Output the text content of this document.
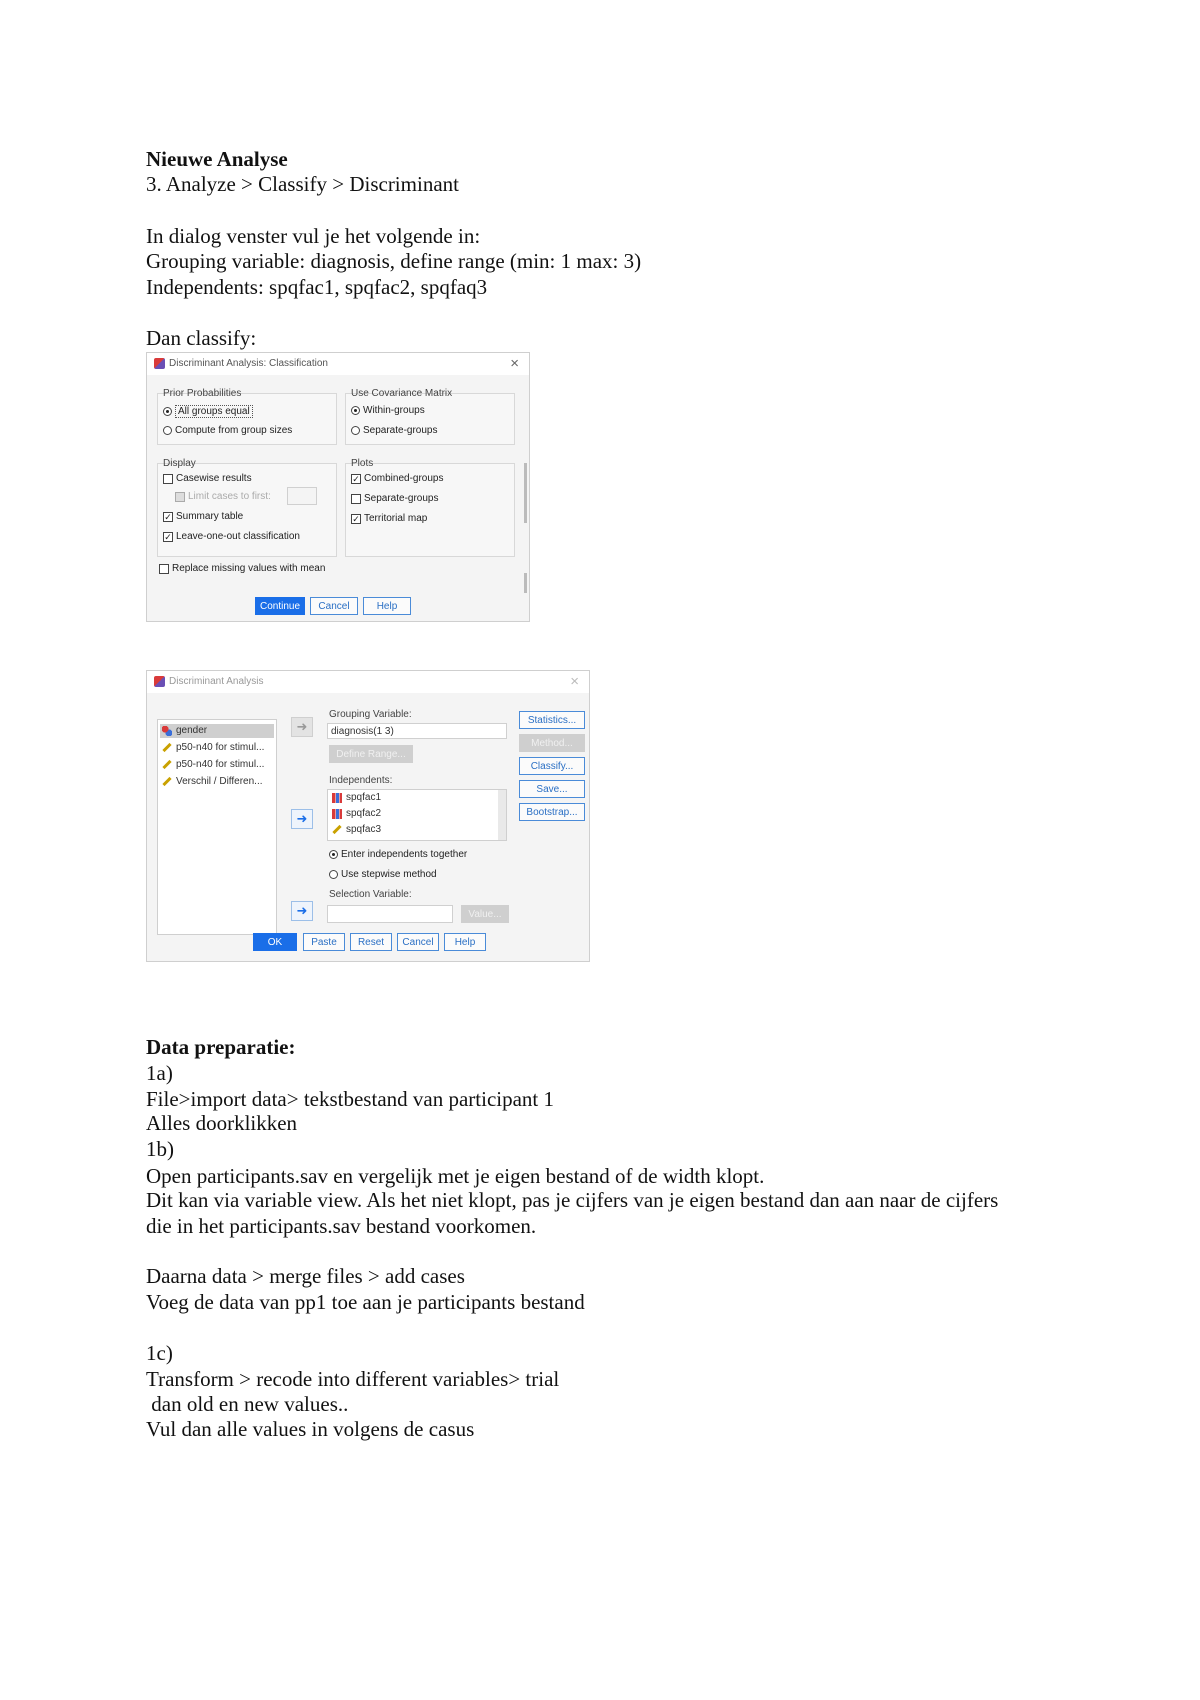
Nieuwe Analyse
3. Analyze > Classify > Discriminant
In dialog venster vul je het volgende in:
Grouping variable: diagnosis, define range (min: 1 max: 3)
Independents: spqfac1, spqfac2, spqfaq3
Dan classify:
Discriminant Analysis: Classification	×
Prior Probabilities
All groups equal
Compute from group sizes
Use Covariance Matrix
Within-groups
Separate-groups
Display
Casewise results
Limit cases to first:
✓ Summary table
✓ Leave-one-out classification
Plots
✓ Combined-groups
Separate-groups
✓ Territorial map
Replace missing values with mean
Continue	Cancel	Help
Discriminant Analysis	×
gender
p50-n40 for stimul...
p50-n40 for stimul...
Verschil / Differen...
➜
Grouping Variable:
diagnosis(1 3)
Define Range...
Independents:
➜
spqfac1
spqfac2
spqfac3
Enter independents together
Use stepwise method
Selection Variable:
➜	Value...
Statistics...
Method...
Classify...
Save...
Bootstrap...
OK	Paste	Reset	Cancel	Help
Data preparatie:
1a)
File>import data> tekstbestand van participant 1
Alles doorklikken
1b)
Open participants.sav en vergelijk met je eigen bestand of de width klopt.
Dit kan via variable view. Als het niet klopt, pas je cijfers van je eigen bestand dan aan naar de cijfers
die in het participants.sav bestand voorkomen.
Daarna data > merge files > add cases
Voeg de data van pp1 toe aan je participants bestand
1c)
Transform > recode into different variables> trial
dan old en new values..
Vul dan alle values in volgens de casus
